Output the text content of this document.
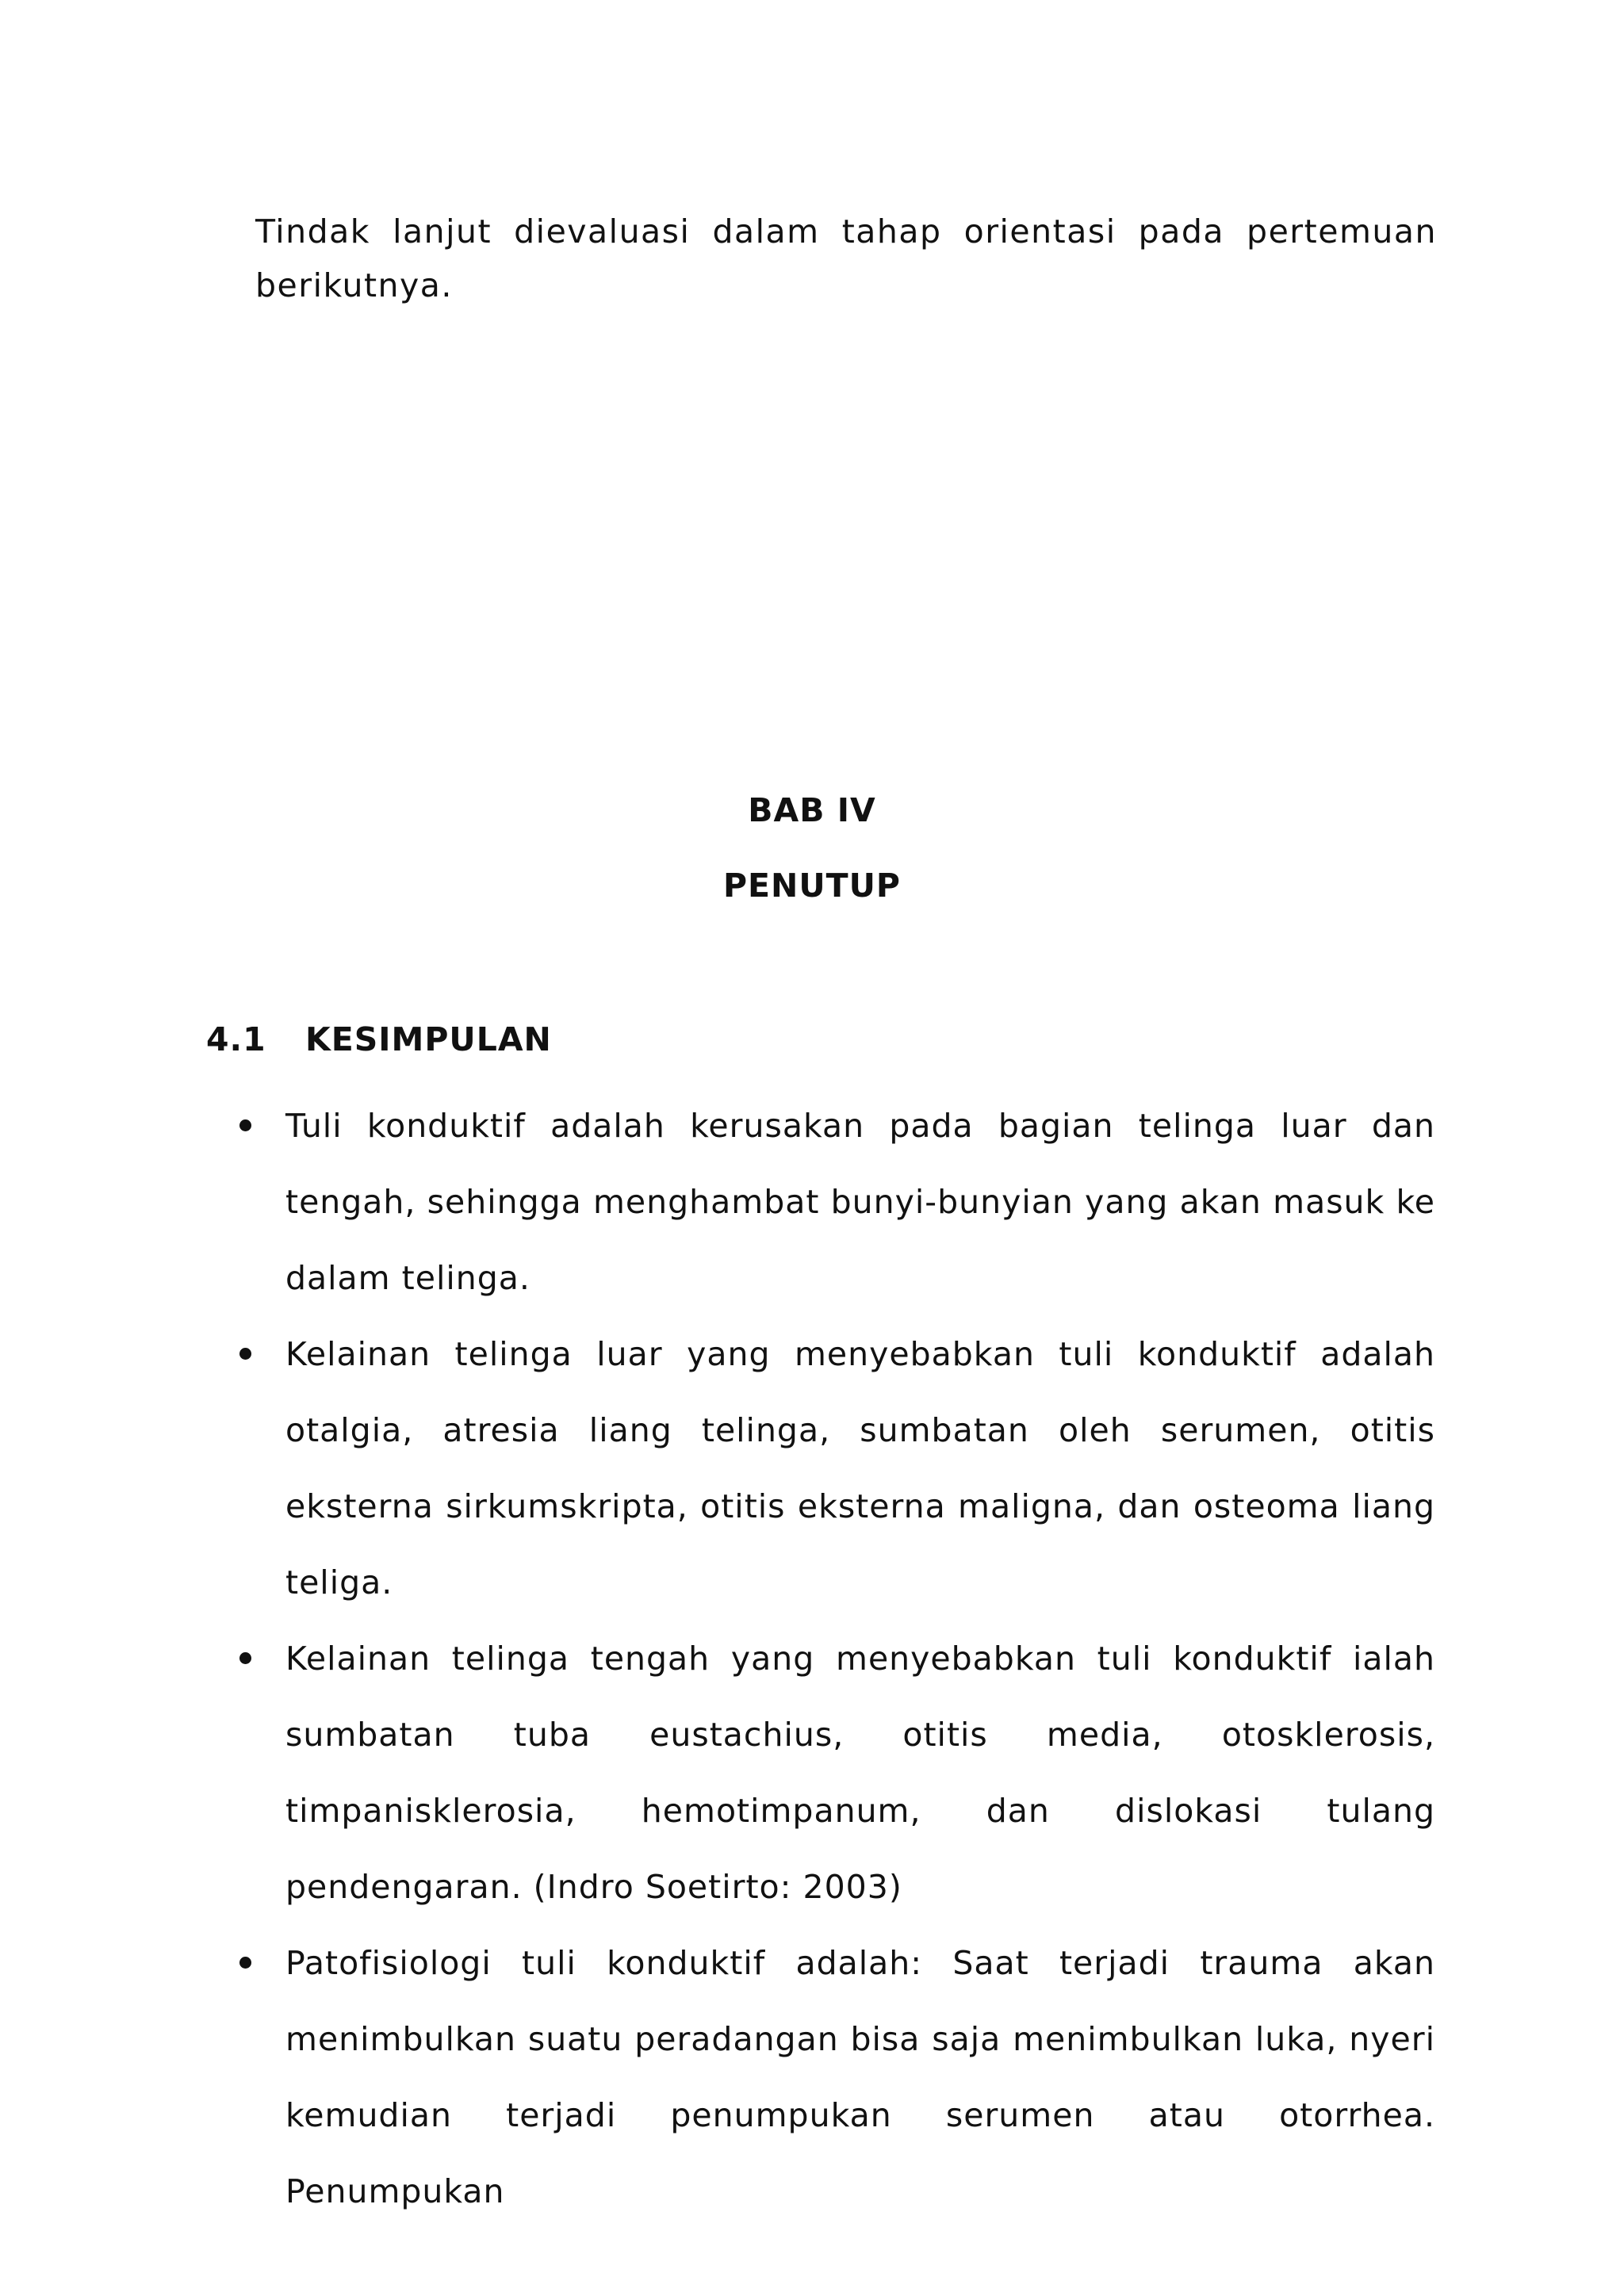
Tindak lanjut dievaluasi dalam tahap orientasi pada pertemuan berikutnya.

BAB IV
PENUTUP
4.1	KESIMPULAN
Tuli konduktif adalah kerusakan pada bagian telinga luar dan tengah, sehingga menghambat bunyi-bunyian yang akan masuk ke dalam telinga.
Kelainan telinga luar yang menyebabkan tuli konduktif adalah otalgia, atresia liang telinga, sumbatan oleh serumen, otitis eksterna sirkumskripta, otitis eksterna maligna, dan osteoma liang teliga.
Kelainan telinga tengah yang menyebabkan tuli konduktif ialah sumbatan tuba eustachius, otitis media, otosklerosis, timpanisklerosia, hemotimpanum, dan dislokasi tulang pendengaran. (Indro Soetirto: 2003)
Patofisiologi tuli konduktif adalah: Saat terjadi trauma akan menimbulkan suatu peradangan bisa saja menimbulkan luka, nyeri kemudian terjadi penumpukan serumen atau otorrhea. Penumpukan
